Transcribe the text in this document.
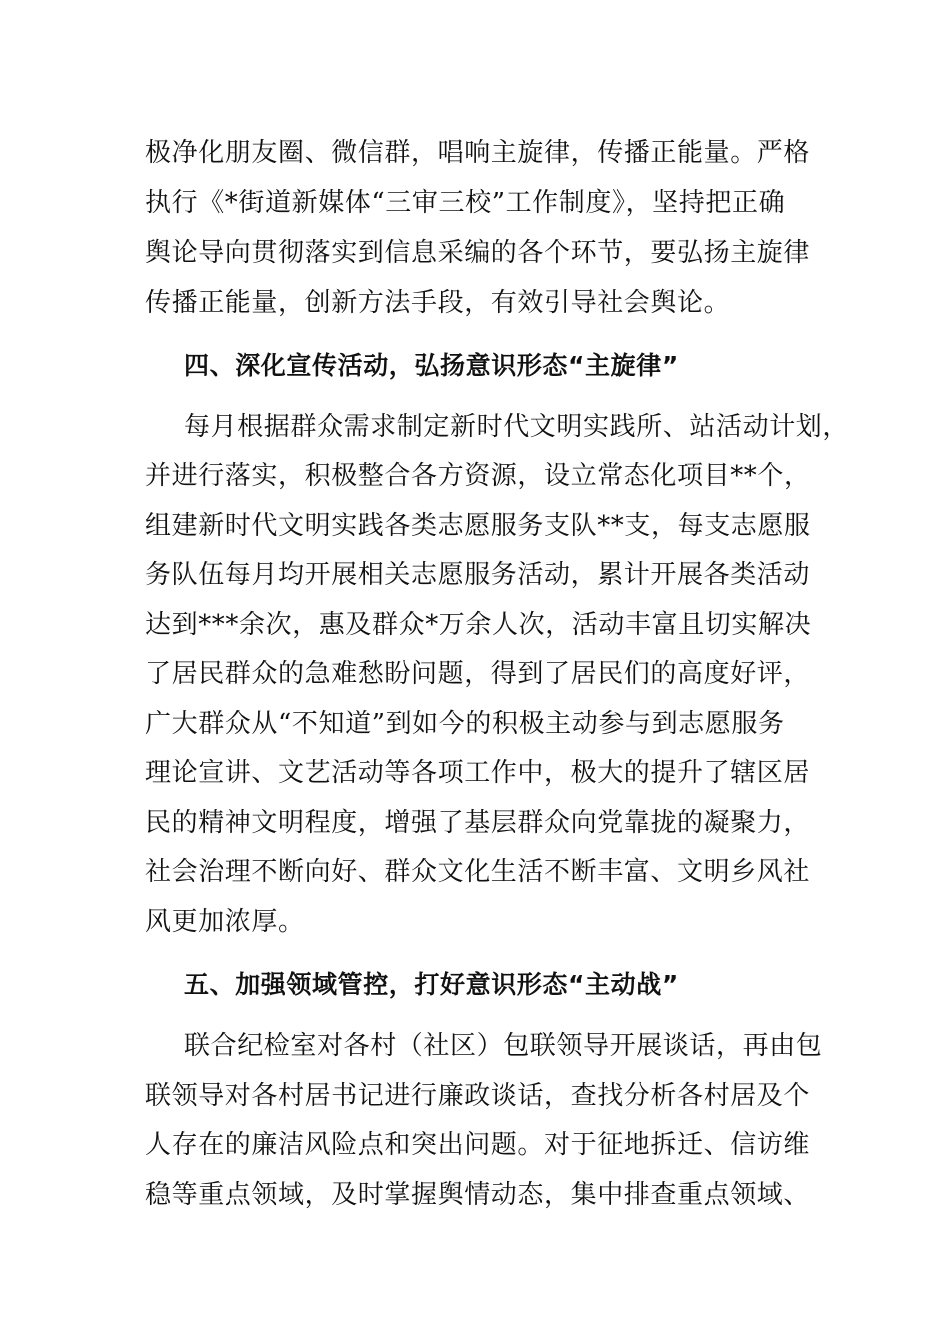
极净化朋友圈、微信群，唱响主旋律，传播正能量。严格
执行《*街道新媒体“三审三校”工作制度》，坚持把正确
舆论导向贯彻落实到信息采编的各个环节，要弘扬主旋律
传播正能量，创新方法手段，有效引导社会舆论。
四、深化宣传活动，弘扬意识形态“主旋律”
每月根据群众需求制定新时代文明实践所、站活动计划，
并进行落实，积极整合各方资源，设立常态化项目**个，
组建新时代文明实践各类志愿服务支队**支，每支志愿服
务队伍每月均开展相关志愿服务活动，累计开展各类活动
达到***余次，惠及群众*万余人次，活动丰富且切实解决
了居民群众的急难愁盼问题，得到了居民们的高度好评，
广大群众从“不知道”到如今的积极主动参与到志愿服务
理论宣讲、文艺活动等各项工作中，极大的提升了辖区居
民的精神文明程度，增强了基层群众向党靠拢的凝聚力，
社会治理不断向好、群众文化生活不断丰富、文明乡风社
风更加浓厚。
五、加强领域管控，打好意识形态“主动战”
联合纪检室对各村（社区）包联领导开展谈话，再由包
联领导对各村居书记进行廉政谈话，查找分析各村居及个
人存在的廉洁风险点和突出问题。对于征地拆迁、信访维
稳等重点领域，及时掌握舆情动态，集中排查重点领域、
